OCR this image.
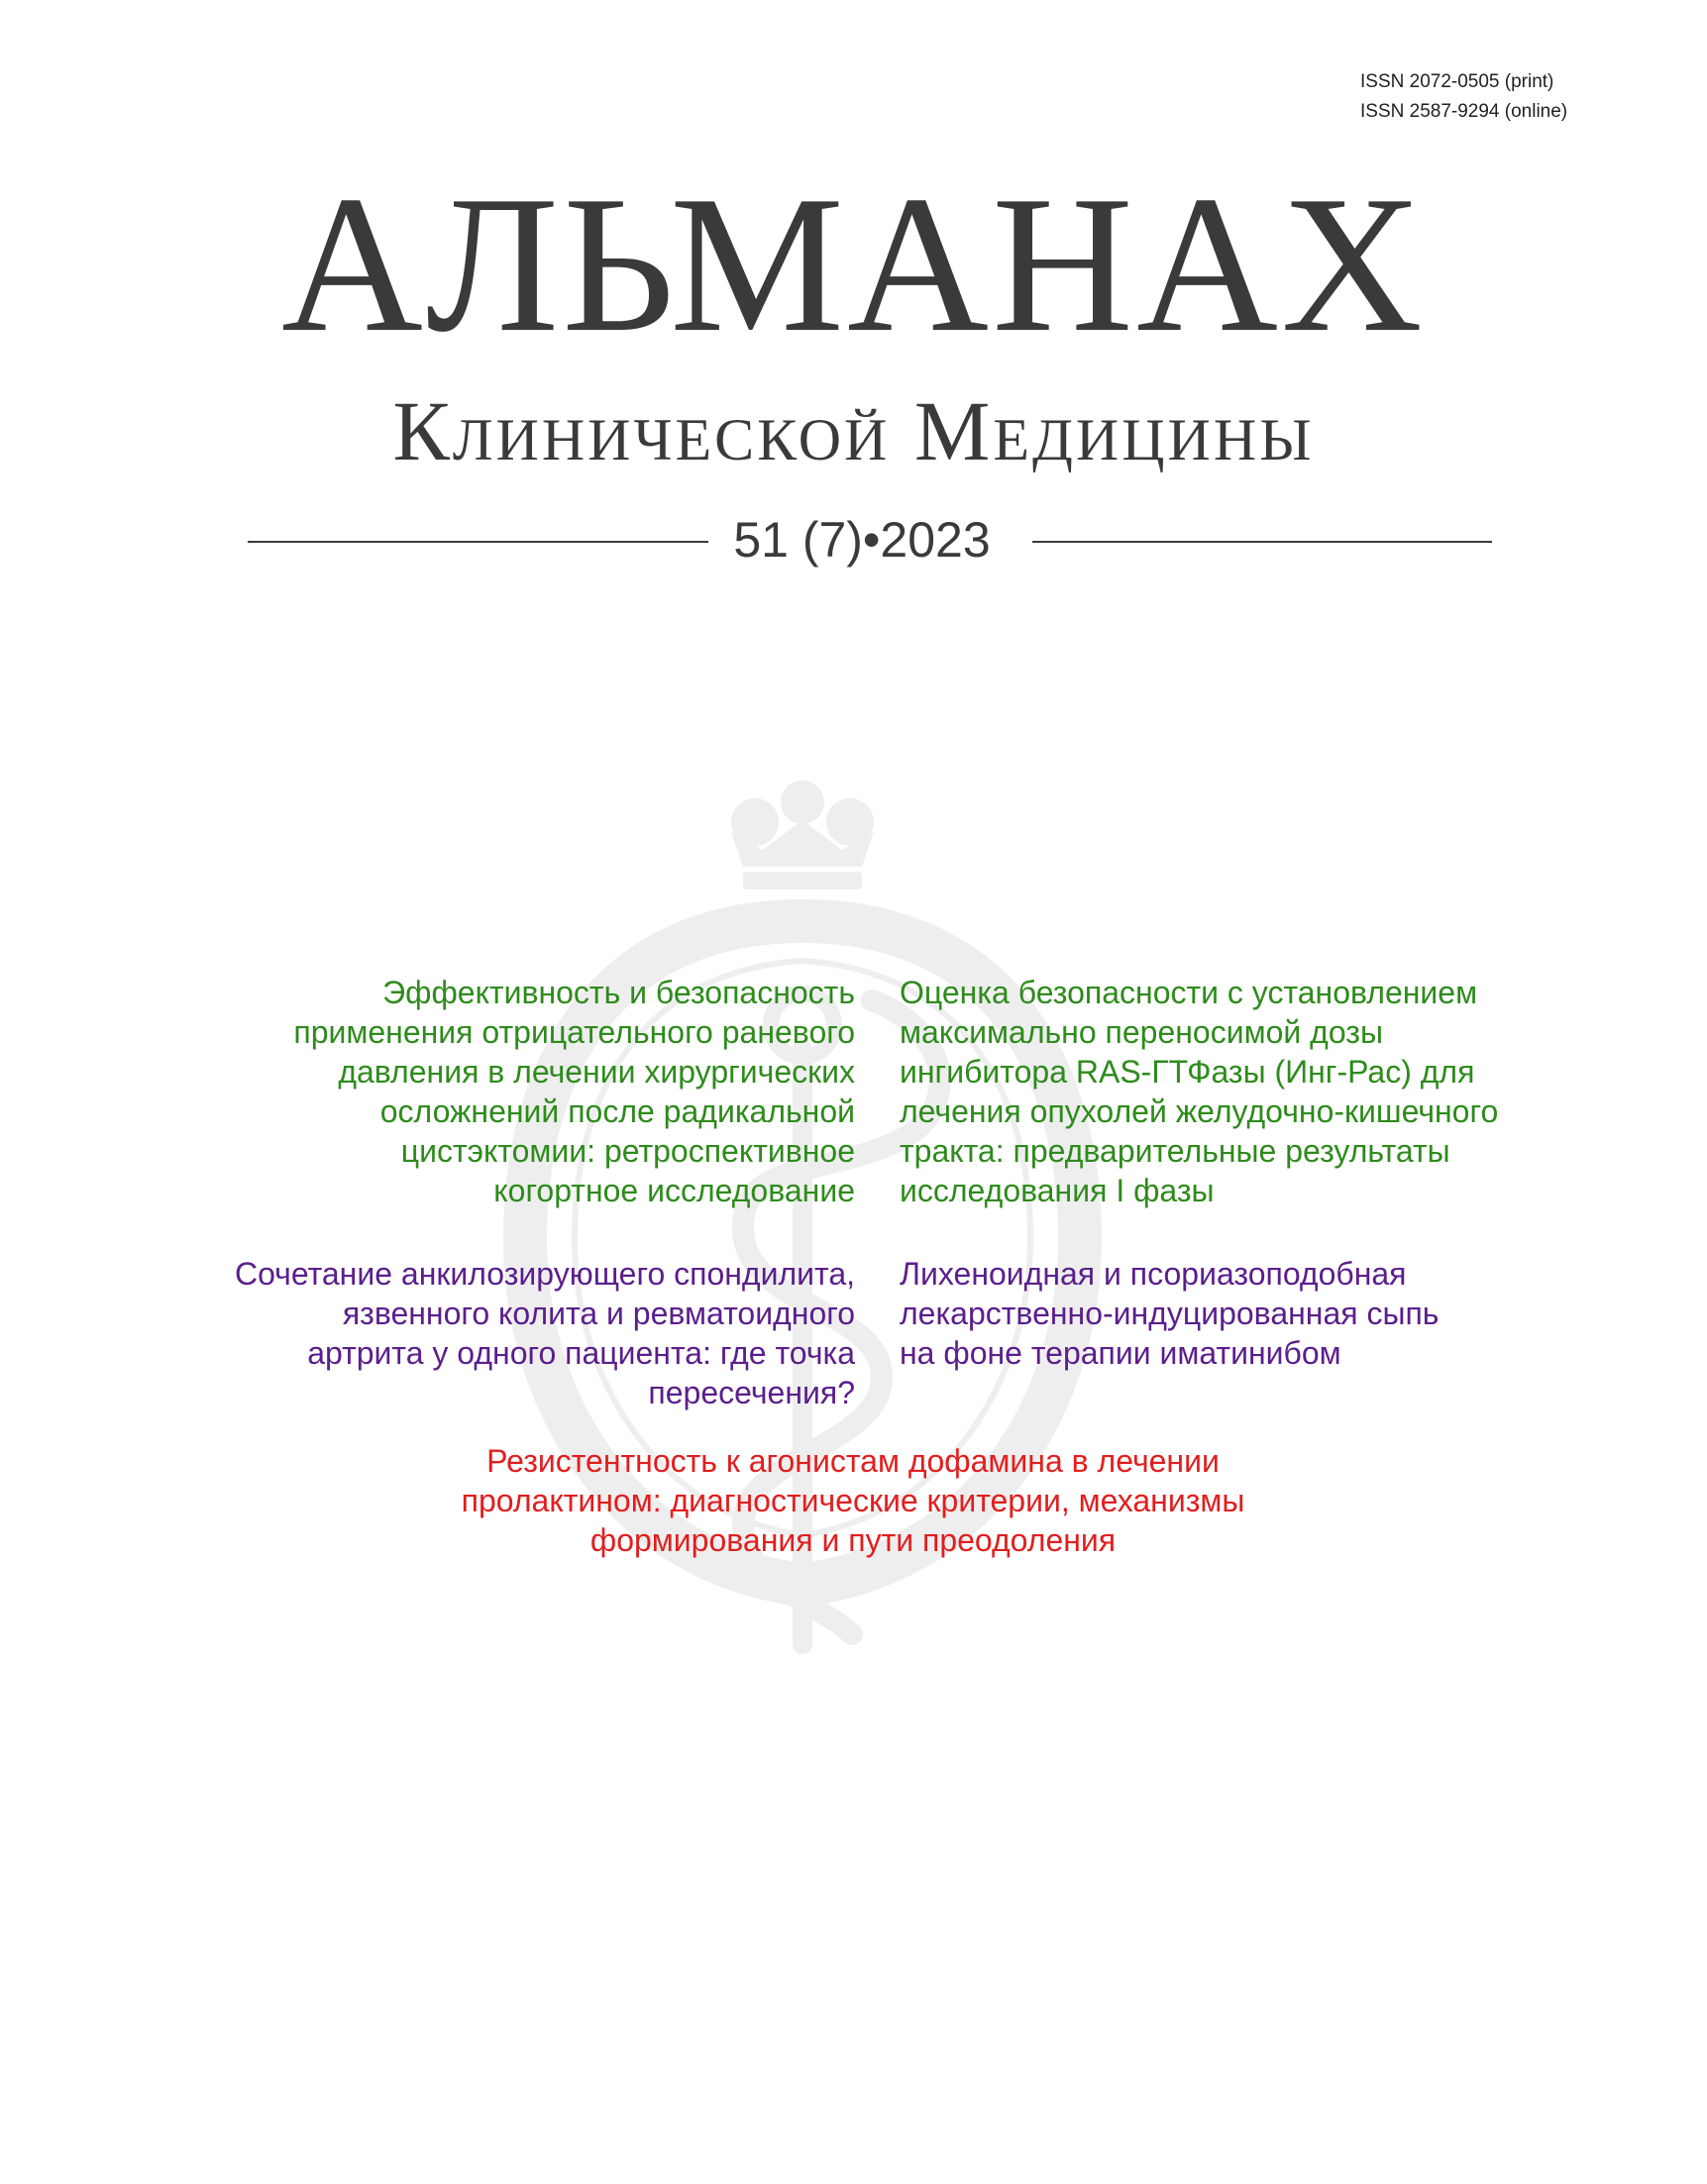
ISSN 2072-0505 (print)
ISSN 2587-9294 (online)
АЛЬМАНАХ
Клинической Медицины
51 (7)•2023
Эффективность и безопасность
применения отрицательного раневого
давления в лечении хирургических
осложнений после радикальной
цистэктомии: ретроспективное
когортное исследование
Оценка безопасности с установлением
максимально переносимой дозы
ингибитора RAS-ГТФазы (Инг-Рас) для
лечения опухолей желудочно-кишечного
тракта: предварительные результаты
исследования I фазы
Сочетание анкилозирующего спондилита,
язвенного колита и ревматоидного
артрита у одного пациента: где точка
пересечения?
Лихеноидная и псориазоподобная
лекарственно-индуцированная сыпь
на фоне терапии иматинибом
Резистентность к агонистам дофамина в лечении
пролактином: диагностические критерии, механизмы
формирования и пути преодоления
